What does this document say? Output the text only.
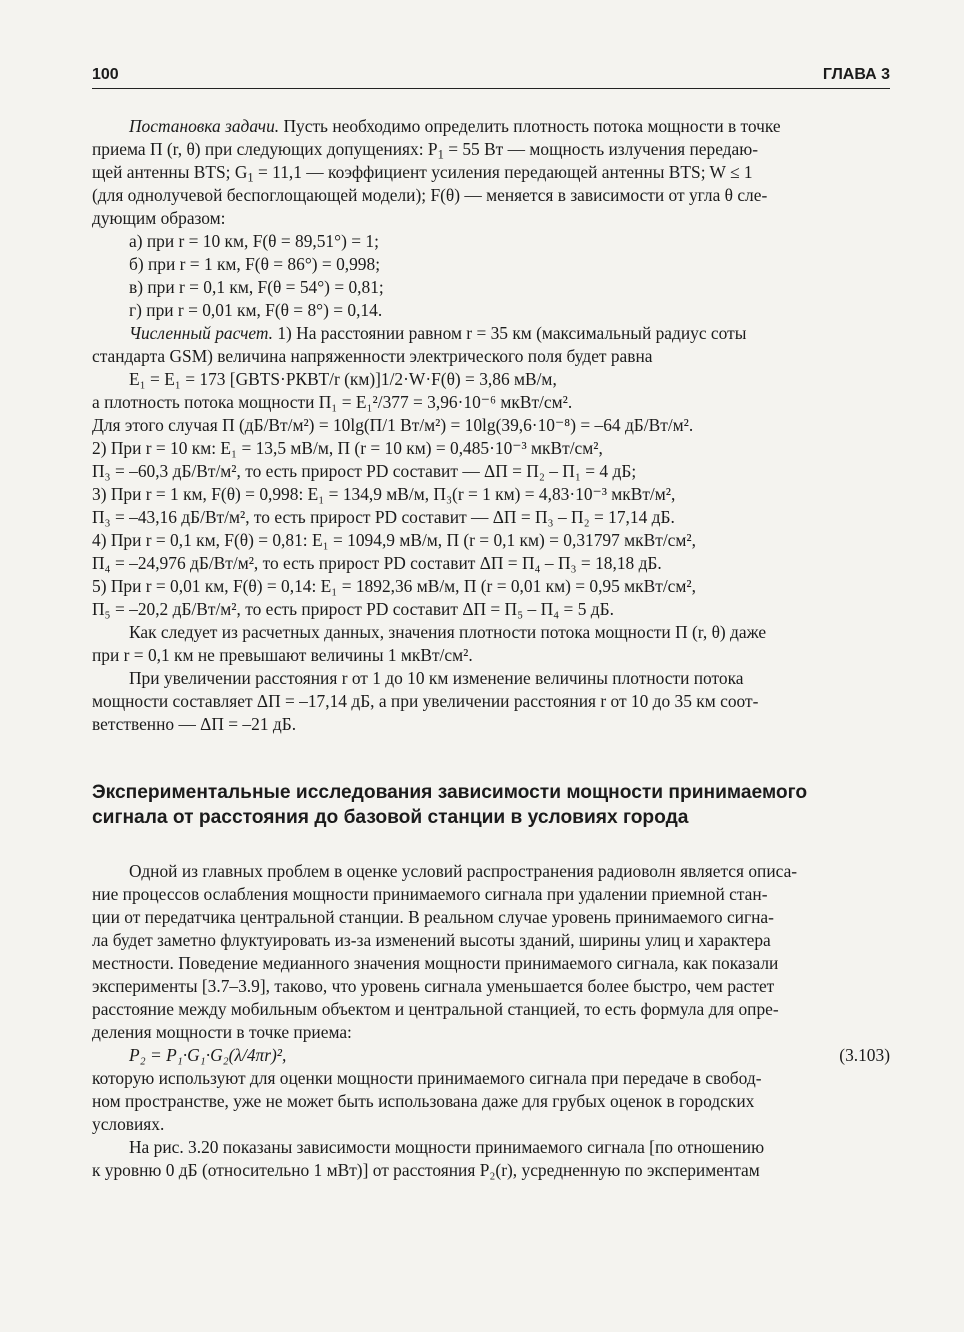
100	ГЛАВА 3
Постановка задачи. Пусть необходимо определить плотность потока мощности в точке
приема П (r, θ) при следующих допущениях: $P_1 = 55$ Вт — мощность излучения передаю-
щей антенны BTS; $G_1 = 11,1$ — коэффициент усиления передающей антенны BTS; W ≤ 1
(для однолучевой беспоглощающей модели); F(θ) — меняется в зависимости от угла θ сле-
дующим образом:
а) при r = 10 км, F(θ = 89,51°) = 1;
б) при r = 1 км, F(θ = 86°) = 0,998;
в) при r = 0,1 км, F(θ = 54°) = 0,81;
г) при r = 0,01 км, F(θ = 8°) = 0,14.
Численный расчет. 1) На расстоянии равном r = 35 км (максимальный радиус соты
стандарта GSM) величина напряженности электрического поля будет равна
E₁ = E₁ = 173 [GBTS·PКВТ/r (км)]1/2·W·F(θ) = 3,86 мВ/м,
а плотность потока мощности П₁ = E₁²/377 = 3,96·10⁻⁶ мкВт/см².
Для этого случая П (дБ/Вт/м²) = 10lg(П/1 Вт/м²) = 10lg(39,6·10⁻⁸) = –64 дБ/Вт/м².
2) При r = 10 км: E₁ = 13,5 мВ/м, П (r = 10 км) = 0,485·10⁻³ мкВт/см²,
П₃ = –60,3 дБ/Вт/м², то есть прирост PD составит — ΔП = П₂ – П₁ = 4 дБ;
3) При r = 1 км, F(θ) = 0,998: E₁ = 134,9 мВ/м, П₃(r = 1 км) = 4,83·10⁻³ мкВт/м²,
П₃ = –43,16 дБ/Вт/м², то есть прирост PD составит — ΔП = П₃ – П₂ = 17,14 дБ.
4) При r = 0,1 км, F(θ) = 0,81: E₁ = 1094,9 мВ/м, П (r = 0,1 км) = 0,31797 мкВт/см²,
П₄ = –24,976 дБ/Вт/м², то есть прирост PD составит ΔП = П₄ – П₃ = 18,18 дБ.
5) При r = 0,01 км, F(θ) = 0,14: E₁ = 1892,36 мВ/м, П (r = 0,01 км) = 0,95 мкВт/см²,
П₅ = –20,2 дБ/Вт/м², то есть прирост PD составит ΔП = П₅ – П₄ = 5 дБ.
Как следует из расчетных данных, значения плотности потока мощности П (r, θ) даже
при r = 0,1 км не превышают величины 1 мкВт/см².
При увеличении расстояния r от 1 до 10 км изменение величины плотности потока
мощности составляет ΔП = –17,14 дБ, а при увеличении расстояния r от 10 до 35 км соот-
ветственно — ΔП = –21 дБ.
Экспериментальные исследования зависимости мощности принимаемого
сигнала от расстояния до базовой станции в условиях города
Одной из главных проблем в оценке условий распространения радиоволн является описа-
ние процессов ослабления мощности принимаемого сигнала при удалении приемной стан-
ции от передатчика центральной станции. В реальном случае уровень принимаемого сигна-
ла будет заметно флуктуировать из-за изменений высоты зданий, ширины улиц и характера
местности. Поведение медианного значения мощности принимаемого сигнала, как показали
эксперименты [3.7–3.9], таково, что уровень сигнала уменьшается более быстро, чем растет
расстояние между мобильным объектом и центральной станцией, то есть формула для опре-
деления мощности в точке приема:
P₂ = P₁·G₁·G₂(λ/4πr)²,	(3.103)
которую используют для оценки мощности принимаемого сигнала при передаче в свобод-
ном пространстве, уже не может быть использована даже для грубых оценок в городских
условиях.
На рис. 3.20 показаны зависимости мощности принимаемого сигнала [по отношению
к уровню 0 дБ (относительно 1 мВт)] от расстояния P₂(r), усредненную по экспериментам
